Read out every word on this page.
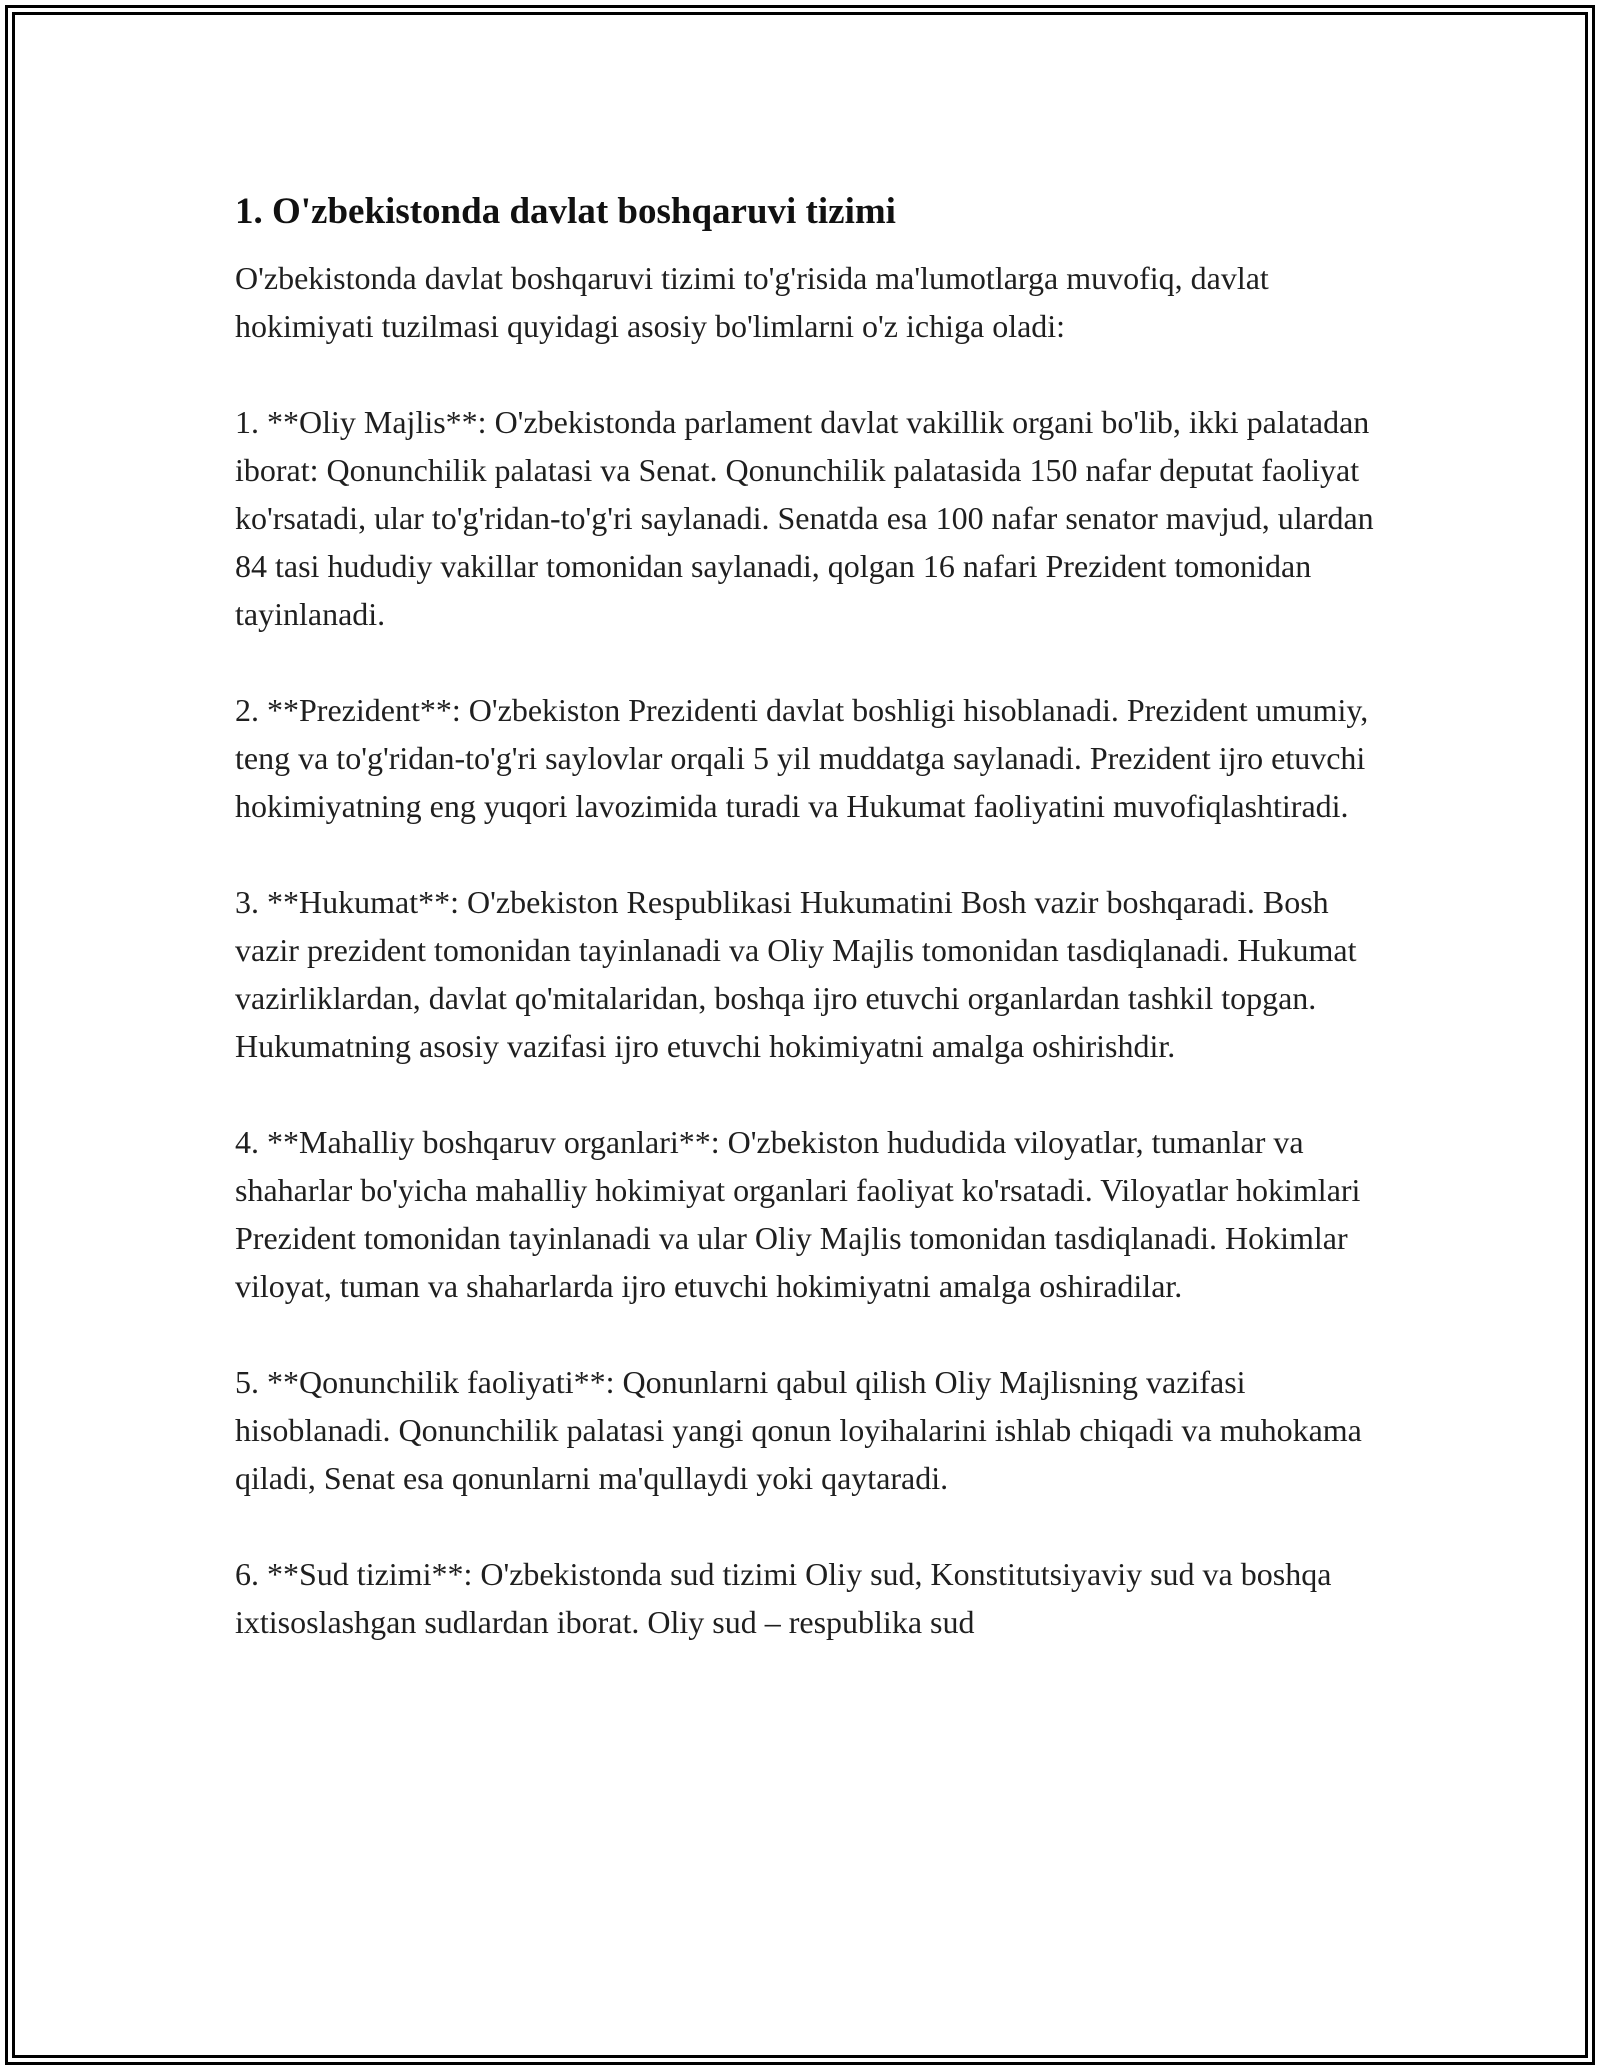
1. O'zbekistonda davlat boshqaruvi tizimi

O'zbekistonda davlat boshqaruvi tizimi to'g'risida ma'lumotlarga muvofiq, davlat hokimiyati tuzilmasi quyidagi asosiy bo'limlarni o'z ichiga oladi:

1. **Oliy Majlis**: O'zbekistonda parlament davlat vakillik organi bo'lib, ikki palatadan iborat: Qonunchilik palatasi va Senat. Qonunchilik palatasida 150 nafar deputat faoliyat ko'rsatadi, ular to'g'ridan-to'g'ri saylanadi. Senatda esa 100 nafar senator mavjud, ulardan 84 tasi hududiy vakillar tomonidan saylanadi, qolgan 16 nafari Prezident tomonidan tayinlanadi.

2. **Prezident**: O'zbekiston Prezidenti davlat boshligi hisoblanadi. Prezident umumiy, teng va to'g'ridan-to'g'ri saylovlar orqali 5 yil muddatga saylanadi. Prezident ijro etuvchi hokimiyatning eng yuqori lavozimida turadi va Hukumat faoliyatini muvofiqlashtiradi.

3. **Hukumat**: O'zbekiston Respublikasi Hukumatini Bosh vazir boshqaradi. Bosh vazir prezident tomonidan tayinlanadi va Oliy Majlis tomonidan tasdiqlanadi. Hukumat vazirliklardan, davlat qo'mitalaridan, boshqa ijro etuvchi organlardan tashkil topgan. Hukumatning asosiy vazifasi ijro etuvchi hokimiyatni amalga oshirishdir.

4. **Mahalliy boshqaruv organlari**: O'zbekiston hududida viloyatlar, tumanlar va shaharlar bo'yicha mahalliy hokimiyat organlari faoliyat ko'rsatadi. Viloyatlar hokimlari Prezident tomonidan tayinlanadi va ular Oliy Majlis tomonidan tasdiqlanadi. Hokimlar viloyat, tuman va shaharlarda ijro etuvchi hokimiyatni amalga oshiradilar.

5. **Qonunchilik faoliyati**: Qonunlarni qabul qilish Oliy Majlisning vazifasi hisoblanadi. Qonunchilik palatasi yangi qonun loyihalarini ishlab chiqadi va muhokama qiladi, Senat esa qonunlarni ma'qullaydi yoki qaytaradi.

6. **Sud tizimi**: O'zbekistonda sud tizimi Oliy sud, Konstitutsiyaviy sud va boshqa ixtisoslashgan sudlardan iborat. Oliy sud – respublika sud
